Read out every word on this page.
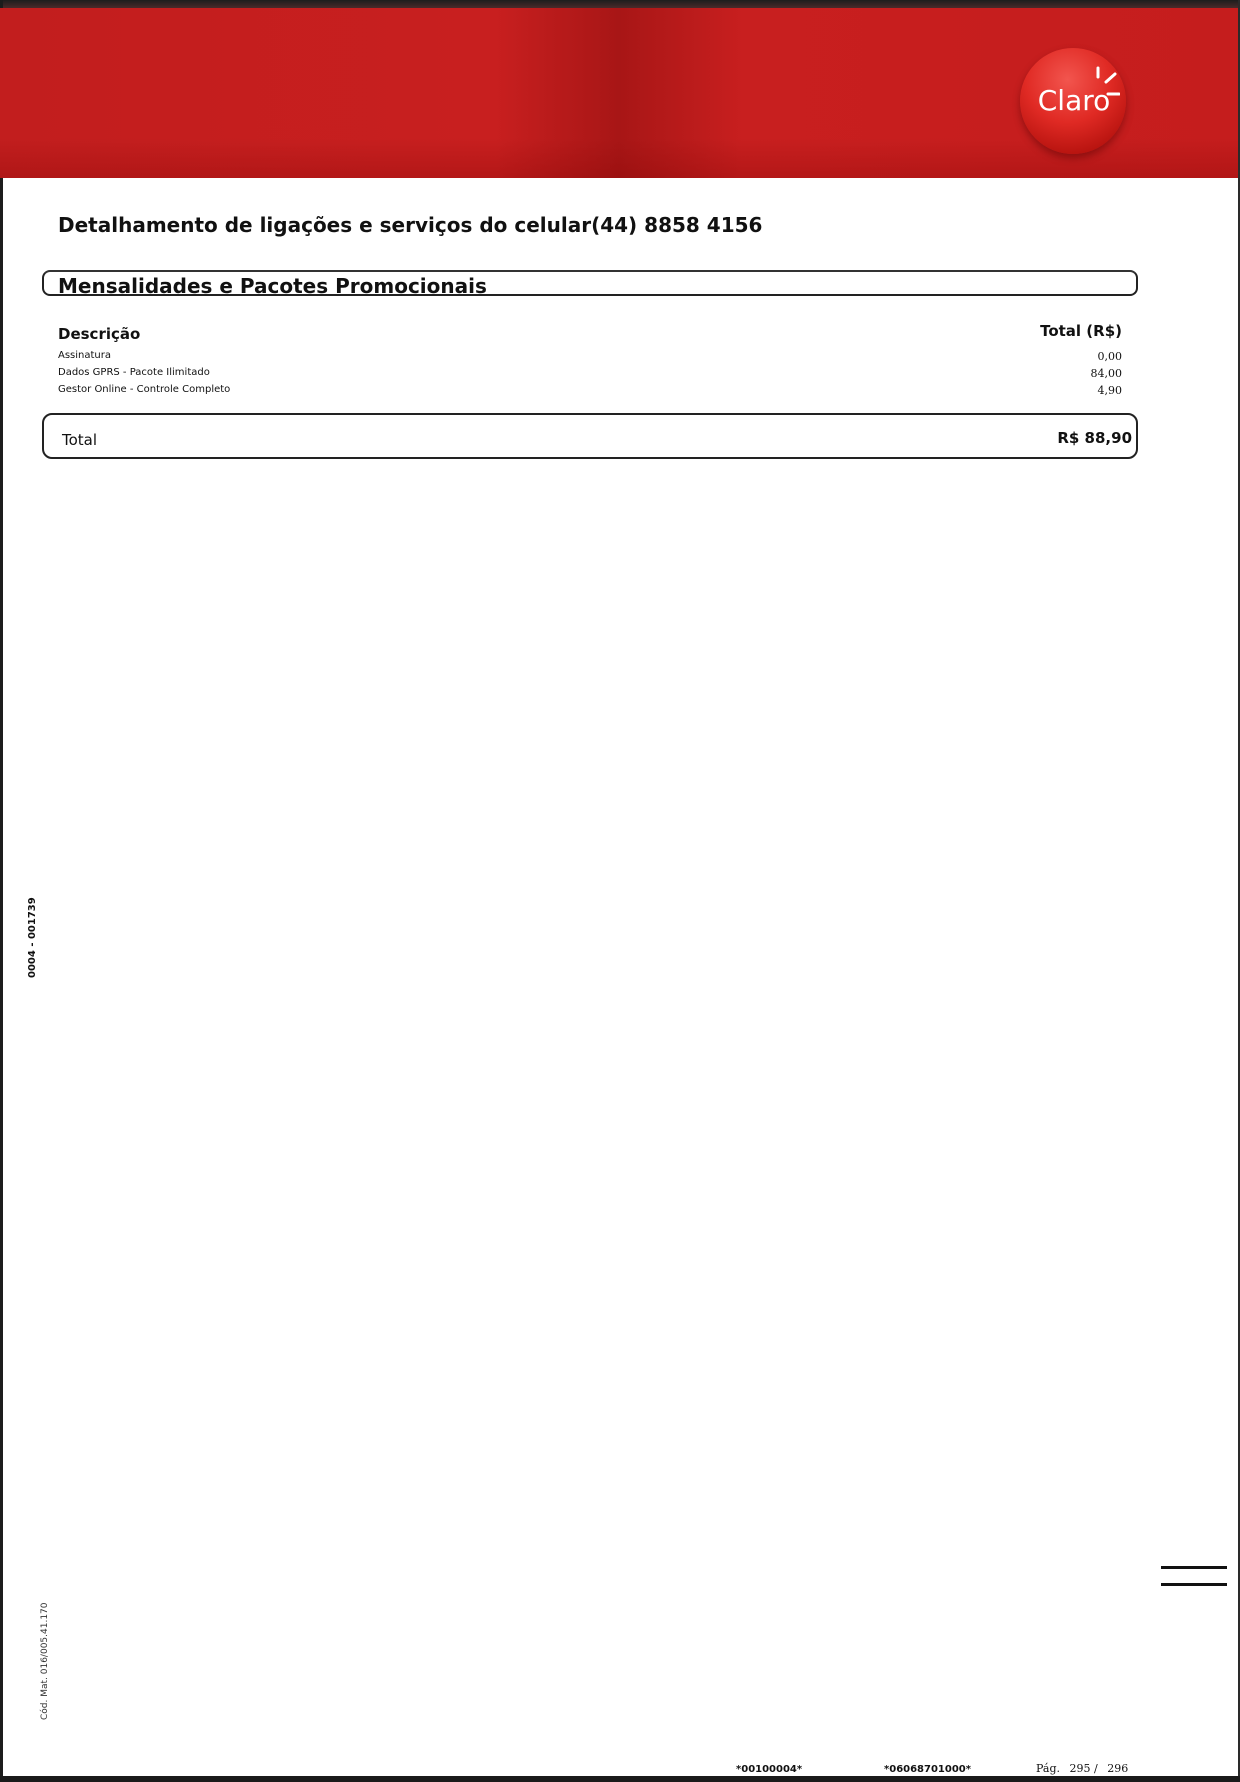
Claro
Detalhamento de ligações e serviços do celular(44) 8858 4156
Mensalidades e Pacotes Promocionais
Descrição	Total (R$)
Assinatura	0,00
Dados GPRS - Pacote Ilimitado	84,00
Gestor Online - Controle Completo	4,90
Total	R$ 88,90
0004 - 001739
Cód. Mat. 016/005.41.170
*00100004*	*06068701000*	Pág. 295 / 296
